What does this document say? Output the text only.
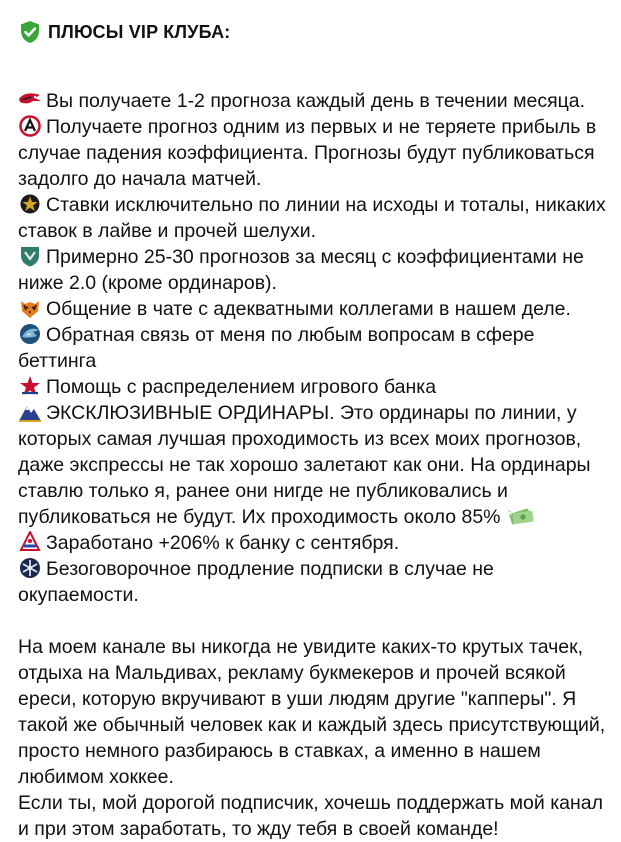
ПЛЮСЫ VIP КЛУБА:

Вы получаете 1-2 прогноза каждый день в течении месяца.

Получаете прогноз одним из первых и не теряете прибыль в случае падения коэффициента. Прогнозы будут публиковаться задолго до начала матчей.

Ставки исключительно по линии на исходы и тоталы, никаких ставок в лайве и прочей шелухи.

Примерно 25-30 прогнозов за месяц с коэффициентами не ниже 2.0 (кроме ординаров).

Общение в чате с адекватными коллегами в нашем деле.

Обратная связь от меня по любым вопросам в сфере беттинга

Помощь с распределением игрового банка

ЭКСКЛЮЗИВНЫЕ ОРДИНАРЫ. Это ординары по линии, у которых самая лучшая проходимость из всех моих прогнозов, даже экспрессы не так хорошо залетают как они. На ординары ставлю только я, ранее они нигде не публиковались и публиковаться не будут. Их проходимость около 85%

Заработано +206% к банку с сентября.

Безоговорочное продление подписки в случае не окупаемости.

На моем канале вы никогда не увидите каких-то крутых тачек, отдыха на Мальдивах, рекламу букмекеров и прочей всякой ереси, которую вкручивают в уши людям другие "капперы". Я такой же обычный человек как и каждый здесь присутствующий, просто немного разбираюсь в ставках, а именно в нашем любимом хоккее.

Если ты, мой дорогой подписчик, хочешь поддержать мой канал и при этом заработать, то жду тебя в своей команде!
